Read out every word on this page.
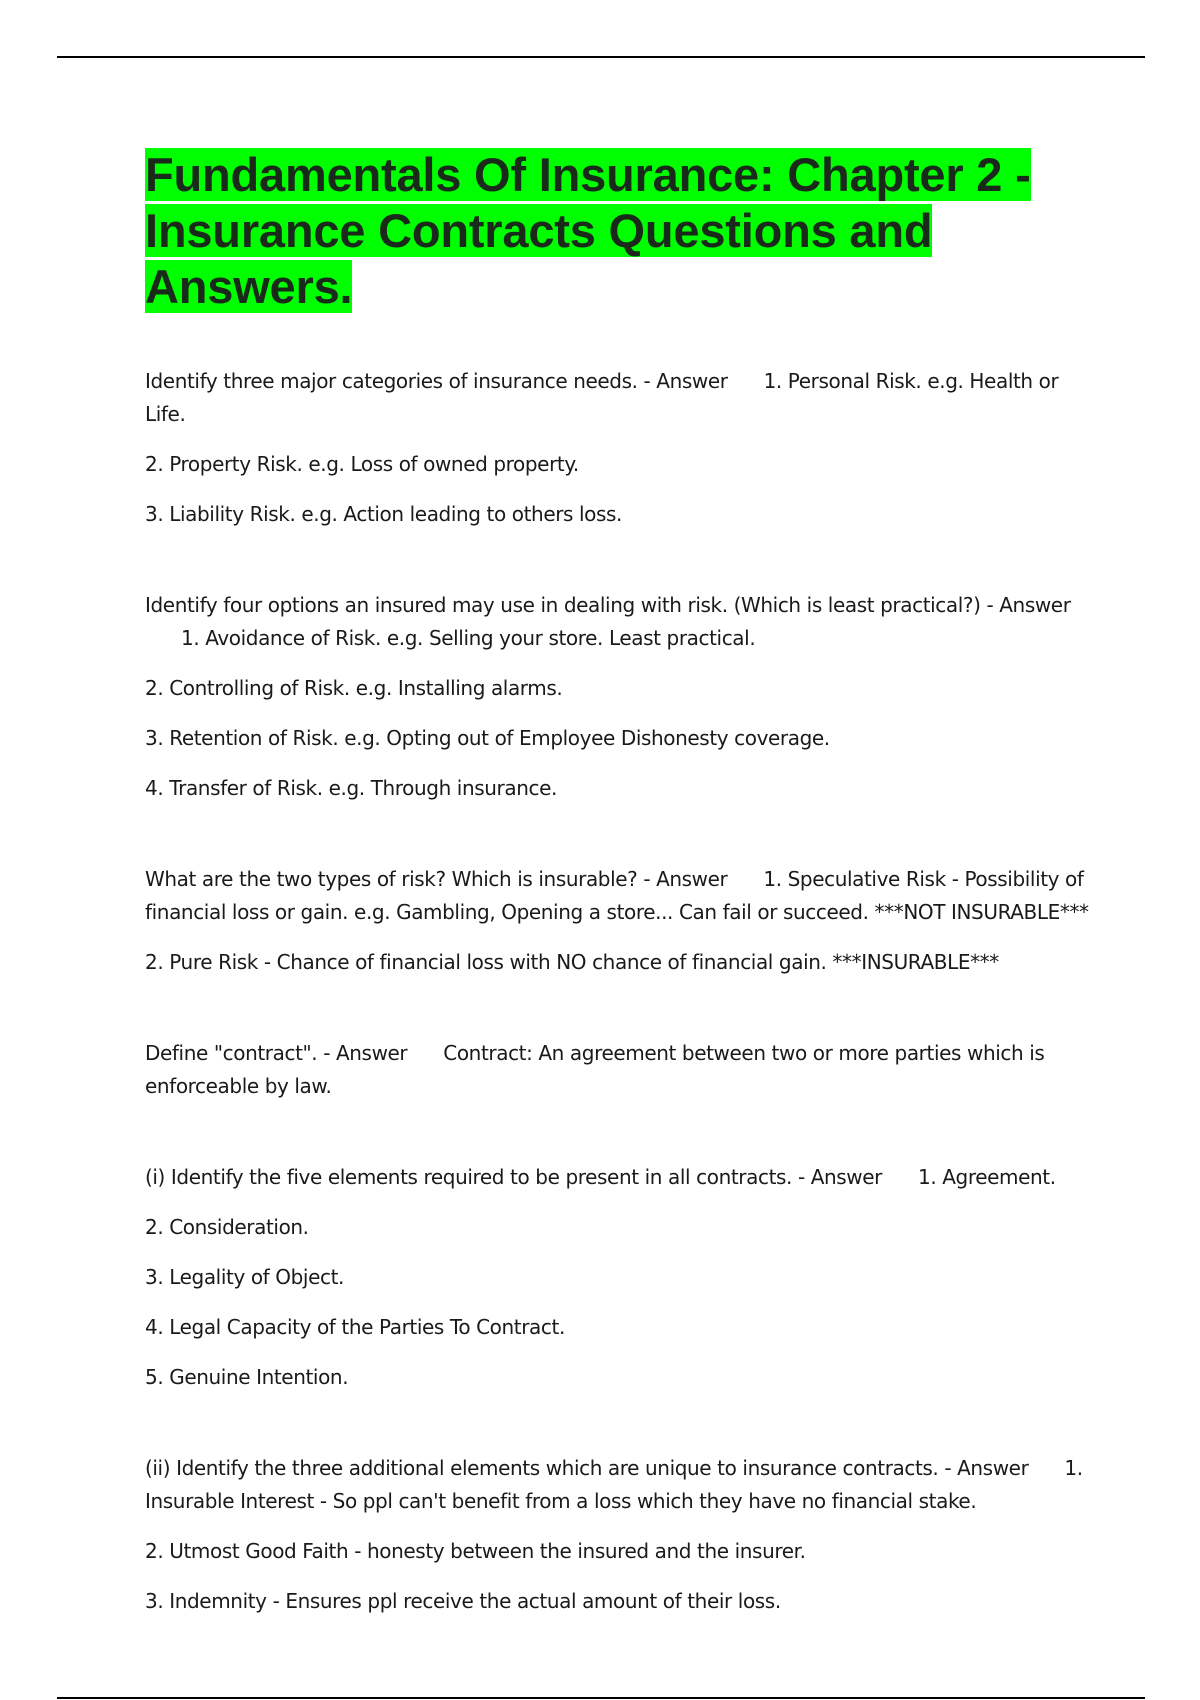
Fundamentals Of Insurance: Chapter 2 - Insurance Contracts Questions and Answers.

Identify three major categories of insurance needs. - Answer 1. Personal Risk. e.g. Health or Life.

2. Property Risk. e.g. Loss of owned property.

3. Liability Risk. e.g. Action leading to others loss.

Identify four options an insured may use in dealing with risk. (Which is least practical?) - Answer1. Avoidance of Risk. e.g. Selling your store. Least practical.

2. Controlling of Risk. e.g. Installing alarms.

3. Retention of Risk. e.g. Opting out of Employee Dishonesty coverage.

4. Transfer of Risk. e.g. Through insurance.

What are the two types of risk? Which is insurable? - Answer 1. Speculative Risk - Possibility of financial loss or gain. e.g. Gambling, Opening a store... Can fail or succeed. ***NOT INSURABLE***

2. Pure Risk - Chance of financial loss with NO chance of financial gain. ***INSURABLE***

Define "contract". - Answer Contract: An agreement between two or more parties which is enforceable by law.

(i) Identify the five elements required to be present in all contracts. - Answer 1. Agreement.

2. Consideration.

3. Legality of Object.

4. Legal Capacity of the Parties To Contract.

5. Genuine Intention.

(ii) Identify the three additional elements which are unique to insurance contracts. - Answer 1. Insurable Interest - So ppl can't benefit from a loss which they have no financial stake.

2. Utmost Good Faith - honesty between the insured and the insurer.

3. Indemnity - Ensures ppl receive the actual amount of their loss.
